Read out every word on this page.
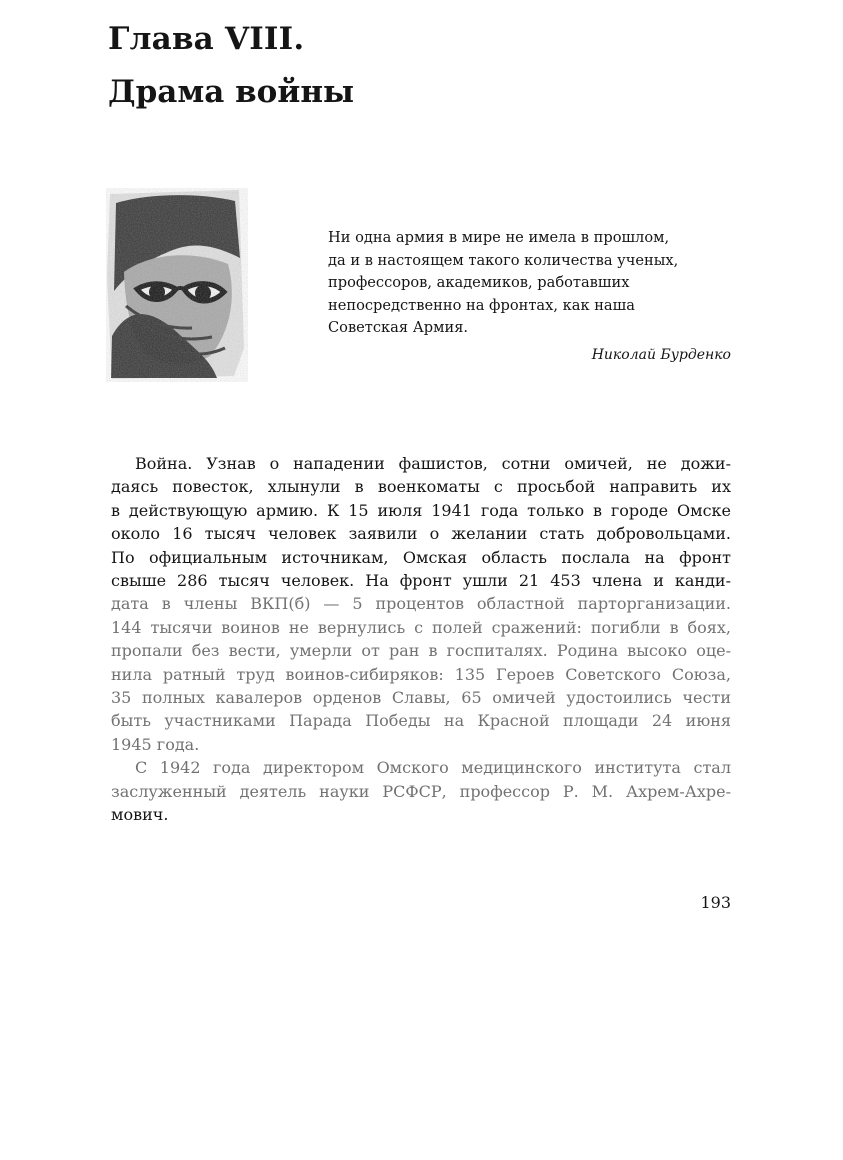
Глава VIII.
Драма войны
Ни одна армия в мире не имела в прошлом,
да и в настоящем такого количества ученых,
профессоров, академиков, работавших
непосредственно на фронтах, как наша
Советская Армия.
Николай Бурденко
Война. Узнав о нападении фашистов, сотни омичей, не дожи-
даясь повесток, хлынули в военкоматы с просьбой направить их
в действующую армию. К 15 июля 1941 года только в городе Омске
около 16 тысяч человек заявили о желании стать добровольцами.
По официальным источникам, Омская область послала на фронт
свыше 286 тысяч человек. На фронт ушли 21 453 члена и канди-
дата в члены ВКП(б) — 5 процентов областной парторганизации.
144 тысячи воинов не вернулись с полей сражений: погибли в боях,
пропали без вести, умерли от ран в госпиталях. Родина высоко оце-
нила ратный труд воинов-сибиряков: 135 Героев Советского Союза,
35 полных кавалеров орденов Славы, 65 омичей удостоились чести
быть участниками Парада Победы на Красной площади 24 июня
1945 года.
С 1942 года директором Омского медицинского института стал
заслуженный деятель науки РСФСР, профессор Р. М. Ахрем-Ахре-
мович.
193
